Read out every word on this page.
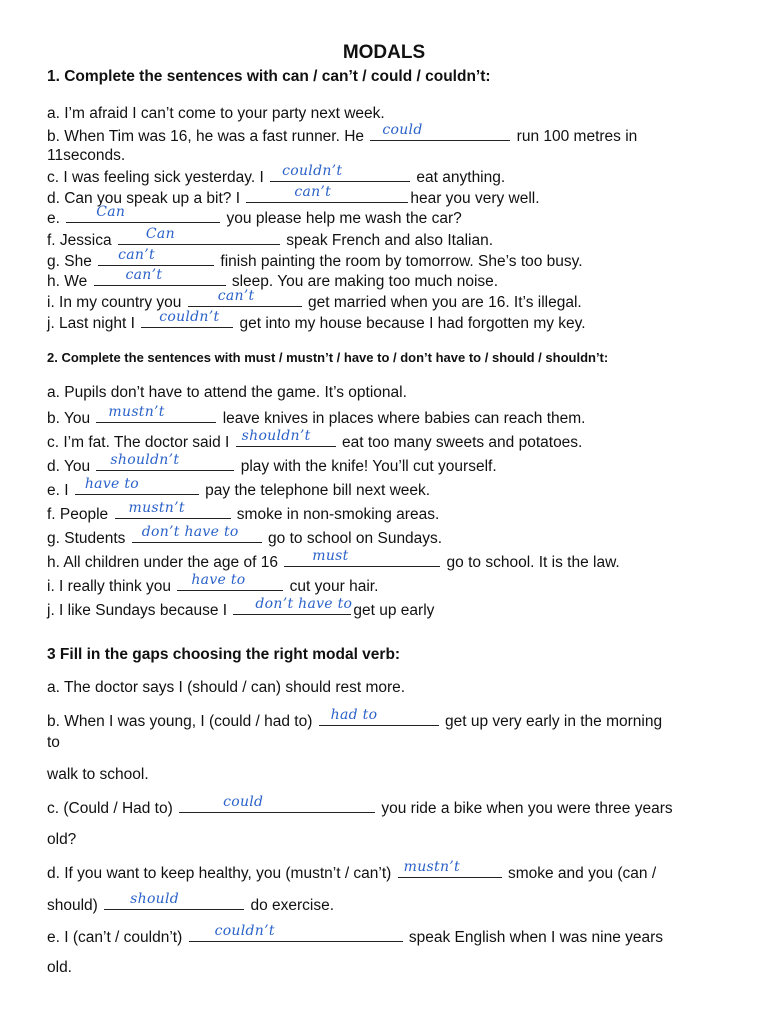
MODALS
1. Complete the sentences with can / can’t / could / couldn’t:
a. I’m afraid I can’t come to your party next week.
b. When Tim was 16, he was a fast runner. He could	run 100 metres in
11seconds.
c. I was feeling sick yesterday. I couldn’t	eat anything.
d. Can you speak up a bit? I	can’t	hear you very well.
e. Can	you please help me wash the car?
f. Jessica Can	speak French and also Italian.
g. She can’t	finish painting the room by tomorrow. She’s too busy.
h. We can’t	sleep. You are making too much noise.
i. In my country you can’t	get married when you are 16. It’s illegal.
j. Last night I couldn’t get into my house because I had forgotten my key.
2. Complete the sentences with must / mustn’t / have to / don’t have to / should / shouldn’t:
a. Pupils don’t have to attend the game. It’s optional.
b. You mustn’t	leave knives in places where babies can reach them.
c. I’m fat. The doctor said I shouldn’t eat too many sweets and potatoes.
d. You shouldn’t	play with the knife! You’ll cut yourself.
e. I have to	pay the telephone bill next week.
f. People mustn’t	smoke in non-smoking areas.
g. Students don’t have to go to school on Sundays.
h. All children under the age of 16 must	go to school. It is the law.
i. I really think you have to	cut your hair.
j. I like Sundays because I don’t have to get up early
3 Fill in the gaps choosing the right modal verb:
a. The doctor says I (should / can) should rest more.
b. When I was young, I (could / had to) had to	get up very early in the morning
to
walk to school.
c. (Could / Had to)	could	you ride a bike when you were three years
old?
d. If you want to keep healthy, you (mustn’t / can’t) mustn’t	smoke and you (can /
should) should	do exercise.
e. I (can’t / couldn’t) couldn’t	speak English when I was nine years
old.
